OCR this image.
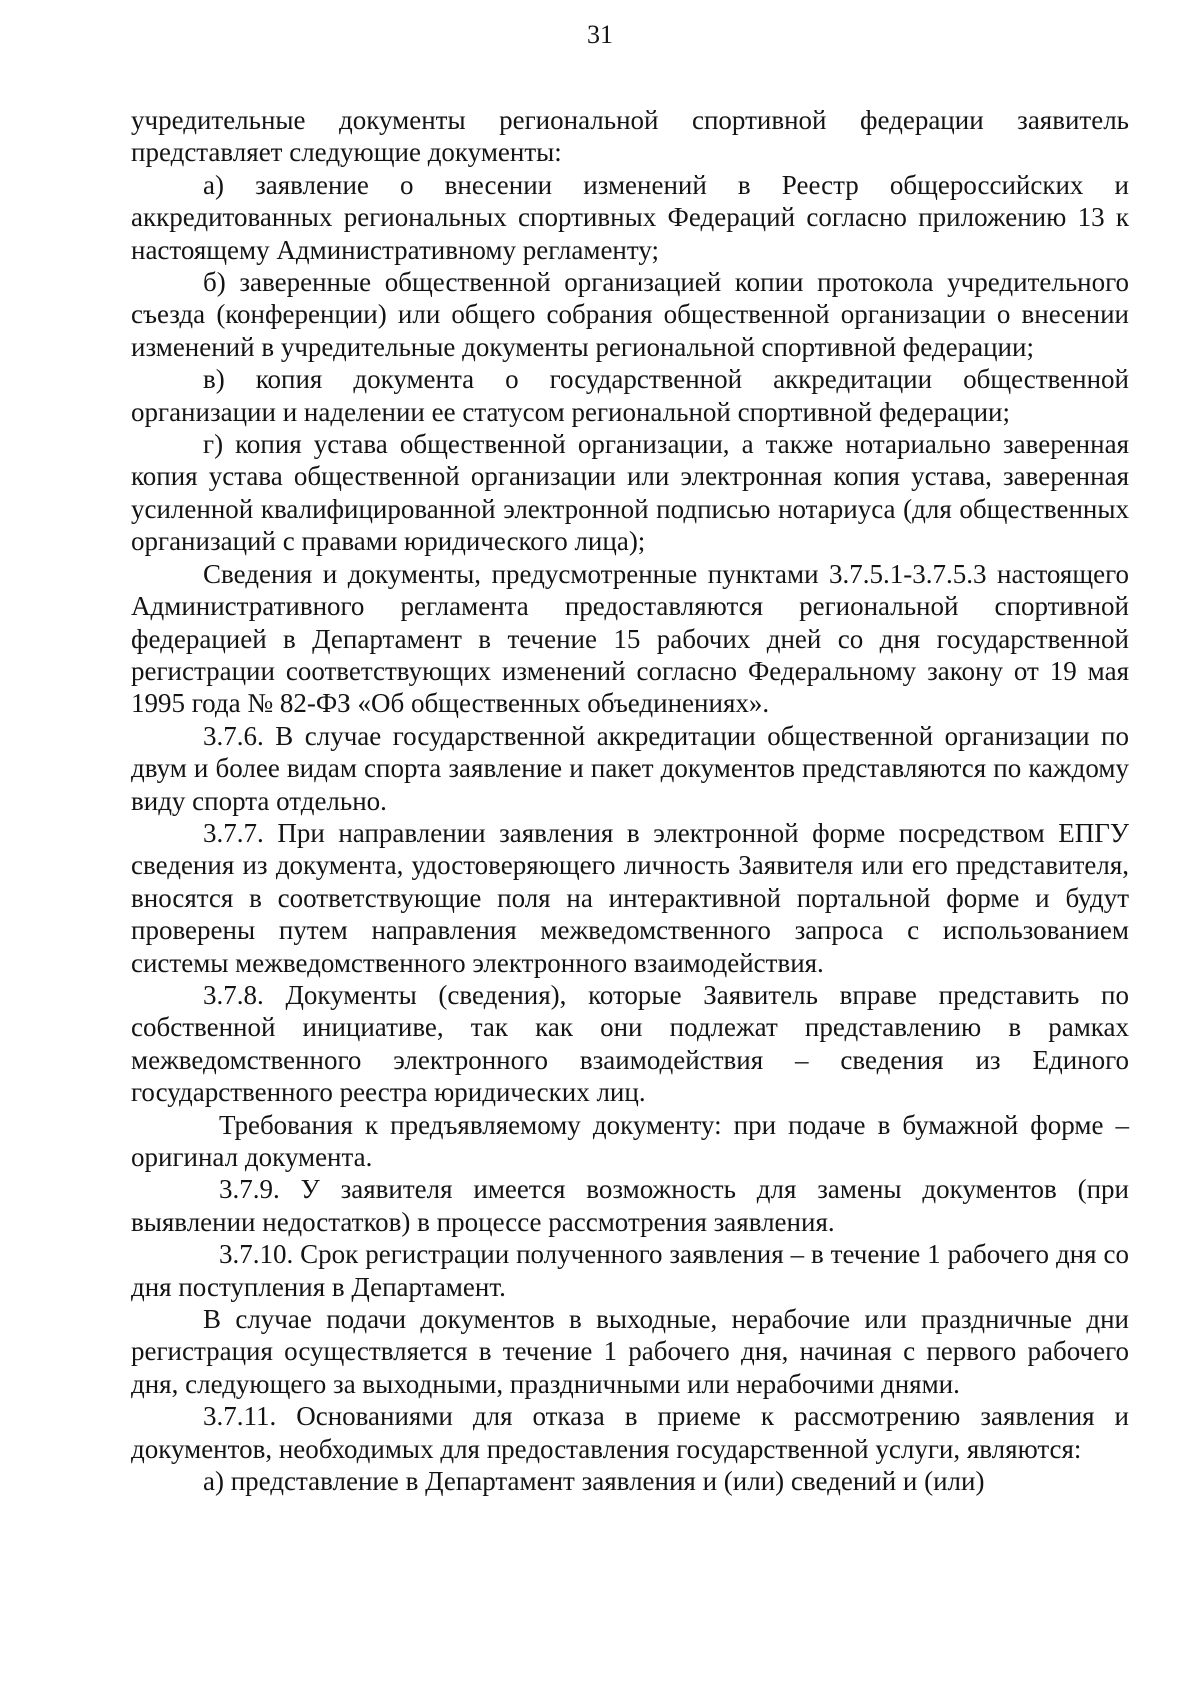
31

учредительные документы региональной спортивной федерации заявитель представляет следующие документы:

а) заявление о внесении изменений в Реестр общероссийских и аккредитованных региональных спортивных Федераций согласно приложению 13 к настоящему Административному регламенту;

б) заверенные общественной организацией копии протокола учредительного съезда (конференции) или общего собрания общественной организации о внесении изменений в учредительные документы региональной спортивной федерации;

в) копия документа о государственной аккредитации общественной организации и наделении ее статусом региональной спортивной федерации;

г) копия устава общественной организации, а также нотариально заверенная копия устава общественной организации или электронная копия устава, заверенная усиленной квалифицированной электронной подписью нотариуса (для общественных организаций с правами юридического лица);

Сведения и документы, предусмотренные пунктами 3.7.5.1-3.7.5.3 настоящего Административного регламента предоставляются региональной спортивной федерацией в Департамент в течение 15 рабочих дней со дня государственной регистрации соответствующих изменений согласно Федеральному закону от 19 мая 1995 года № 82-ФЗ «Об общественных объединениях».

3.7.6. В случае государственной аккредитации общественной организации по двум и более видам спорта заявление и пакет документов представляются по каждому виду спорта отдельно.

3.7.7. При направлении заявления в электронной форме посредством ЕПГУ сведения из документа, удостоверяющего личность Заявителя или его представителя, вносятся в соответствующие поля на интерактивной портальной форме и будут проверены путем направления межведомственного запроса с использованием системы межведомственного электронного взаимодействия.

3.7.8. Документы (сведения), которые Заявитель вправе представить по собственной инициативе, так как они подлежат представлению в рамках межведомственного электронного взаимодействия – сведения из Единого государственного реестра юридических лиц.

Требования к предъявляемому документу: при подаче в бумажной форме – оригинал документа.

3.7.9. У заявителя имеется возможность для замены документов (при выявлении недостатков) в процессе рассмотрения заявления.

3.7.10. Срок регистрации полученного заявления – в течение 1 рабочего дня со дня поступления в Департамент.

В случае подачи документов в выходные, нерабочие или праздничные дни регистрация осуществляется в течение 1 рабочего дня, начиная с первого рабочего дня, следующего за выходными, праздничными или нерабочими днями.

3.7.11. Основаниями для отказа в приеме к рассмотрению заявления и документов, необходимых для предоставления государственной услуги, являются:

а) представление в Департамент заявления и (или) сведений и (или)
